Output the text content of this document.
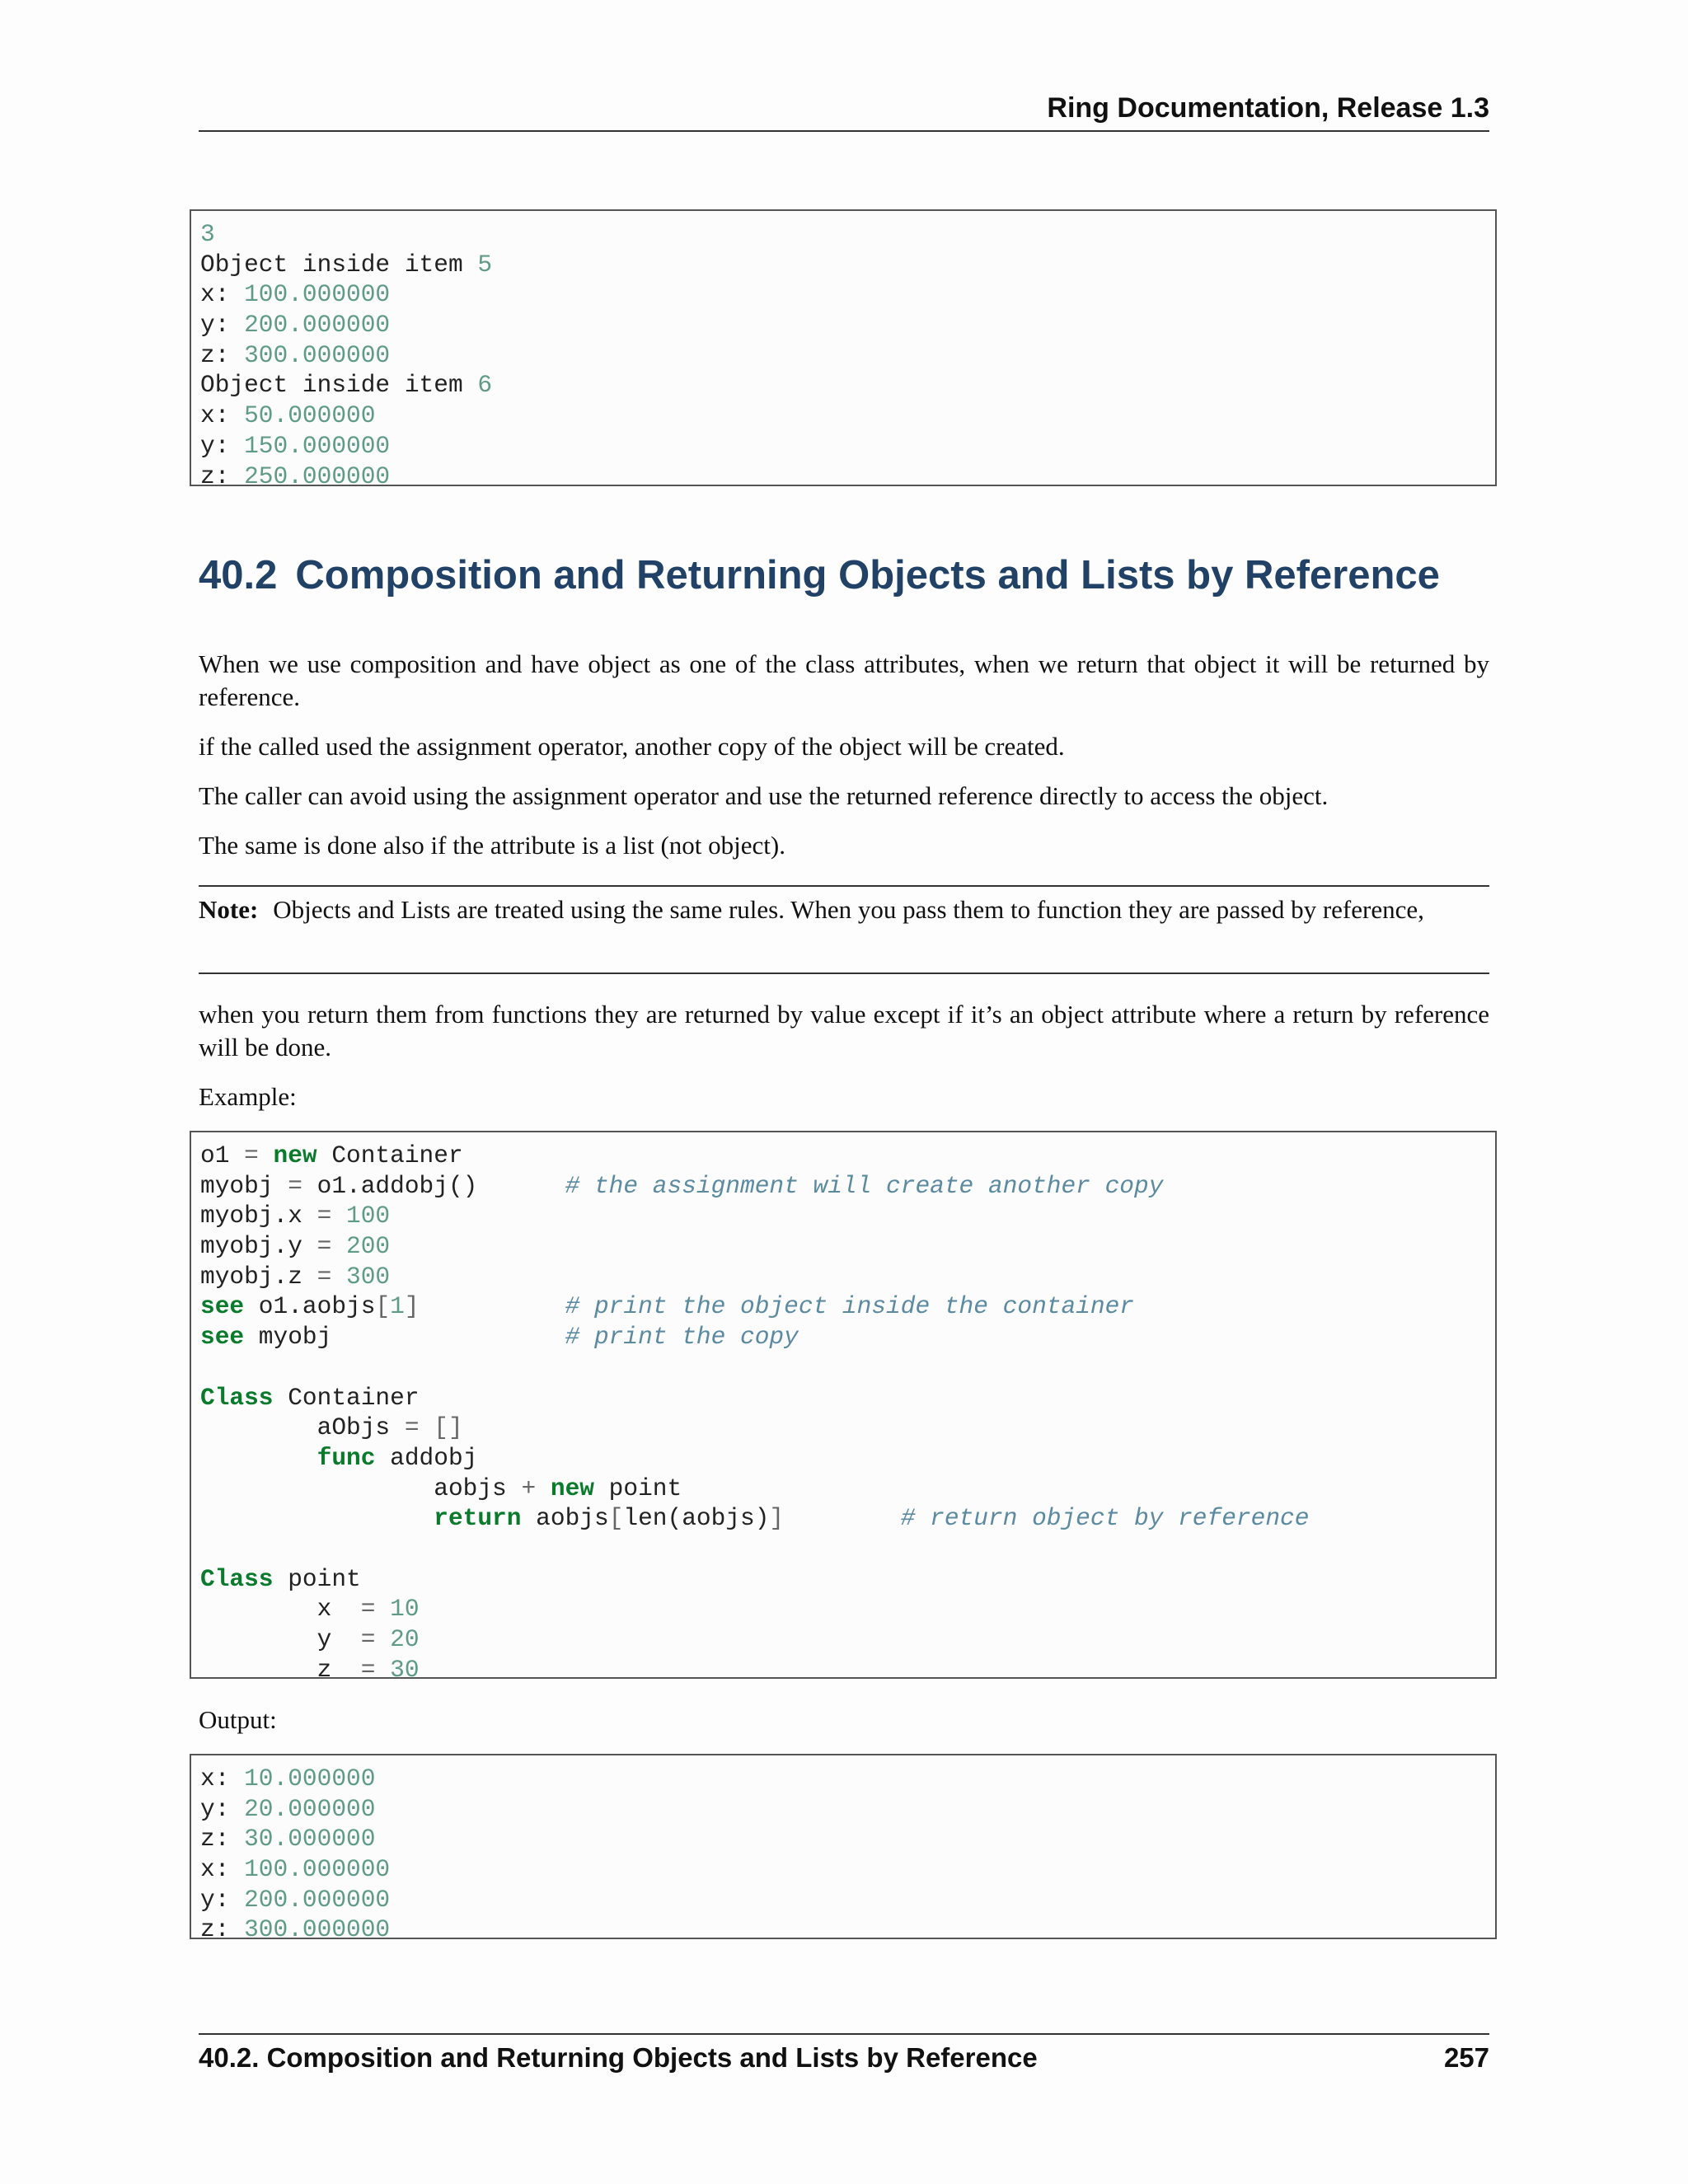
Ring Documentation, Release 1.3
3
Object inside item 5
x: 100.000000
y: 200.000000
z: 300.000000
Object inside item 6
x: 50.000000
y: 150.000000
z: 250.000000
40.2 Composition and Returning Objects and Lists by Reference
When we use composition and have object as one of the class attributes, when we return that object it will be returned by reference.
if the called used the assignment operator, another copy of the object will be created.
The caller can avoid using the assignment operator and use the returned reference directly to access the object.
The same is done also if the attribute is a list (not object).
Note: Objects and Lists are treated using the same rules. When you pass them to function they are passed by reference,
when you return them from functions they are returned by value except if it’s an object attribute where a return by reference will be done.
Example:
o1 = new Container
myobj = o1.addobj()      # the assignment will create another copy
myobj.x = 100
myobj.y = 200
myobj.z = 300
see o1.aobjs[1]	# print the object inside the container
see myobj                # print the copy
Class Container
aObjs = []
func addobj
aobjs + new point
return aobjs[len(aobjs)]	# return object by reference
Class point
x  = 10
y  = 20
z  = 30
Output:
x: 10.000000
y: 20.000000
z: 30.000000
x: 100.000000
y: 200.000000
z: 300.000000
40.2. Composition and Returning Objects and Lists by Reference	257
